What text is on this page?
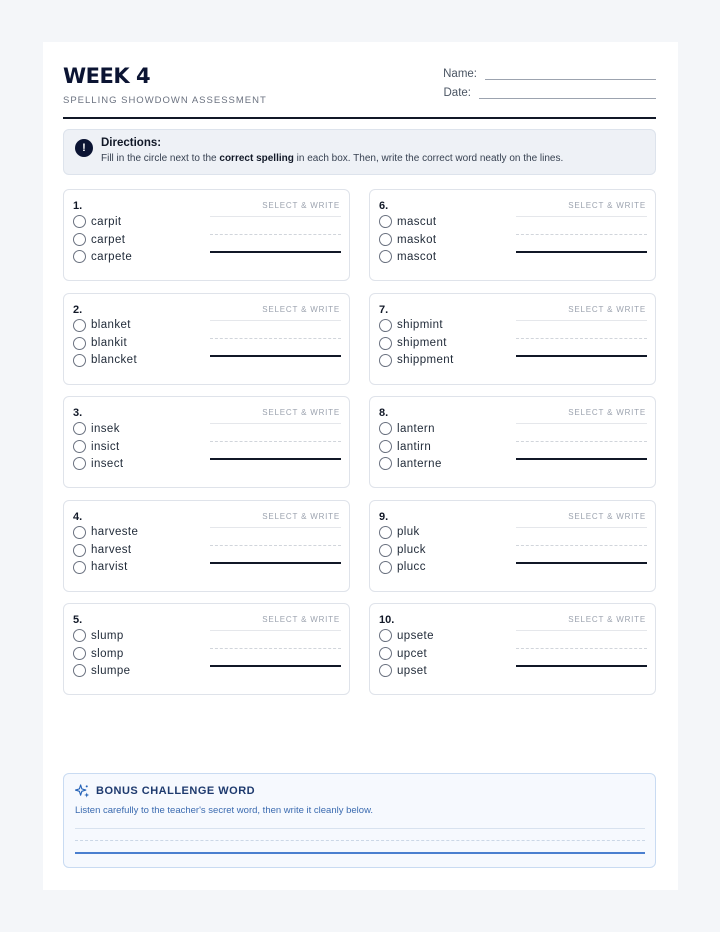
WEEK 4
SPELLING SHOWDOWN ASSESSMENT
Name:
Date:
!	Directions:
Fill in the circle next to the correct spelling in each box. Then, write the correct word neatly on the lines.
1.	SELECT & WRITE
carpit
carpet
carpete
2.	SELECT & WRITE
blanket
blankit
blancket
3.	SELECT & WRITE
insek
insict
insect
4.	SELECT & WRITE
harveste
harvest
harvist
5.	SELECT & WRITE
slump
slomp
slumpe
6.	SELECT & WRITE
mascut
maskot
mascot
7.	SELECT & WRITE
shipmint
shipment
shippment
8.	SELECT & WRITE
lantern
lantirn
lanterne
9.	SELECT & WRITE
pluk
pluck
plucc
10.	SELECT & WRITE
upsete
upcet
upset
BONUS CHALLENGE WORD
Listen carefully to the teacher's secret word, then write it cleanly below.
